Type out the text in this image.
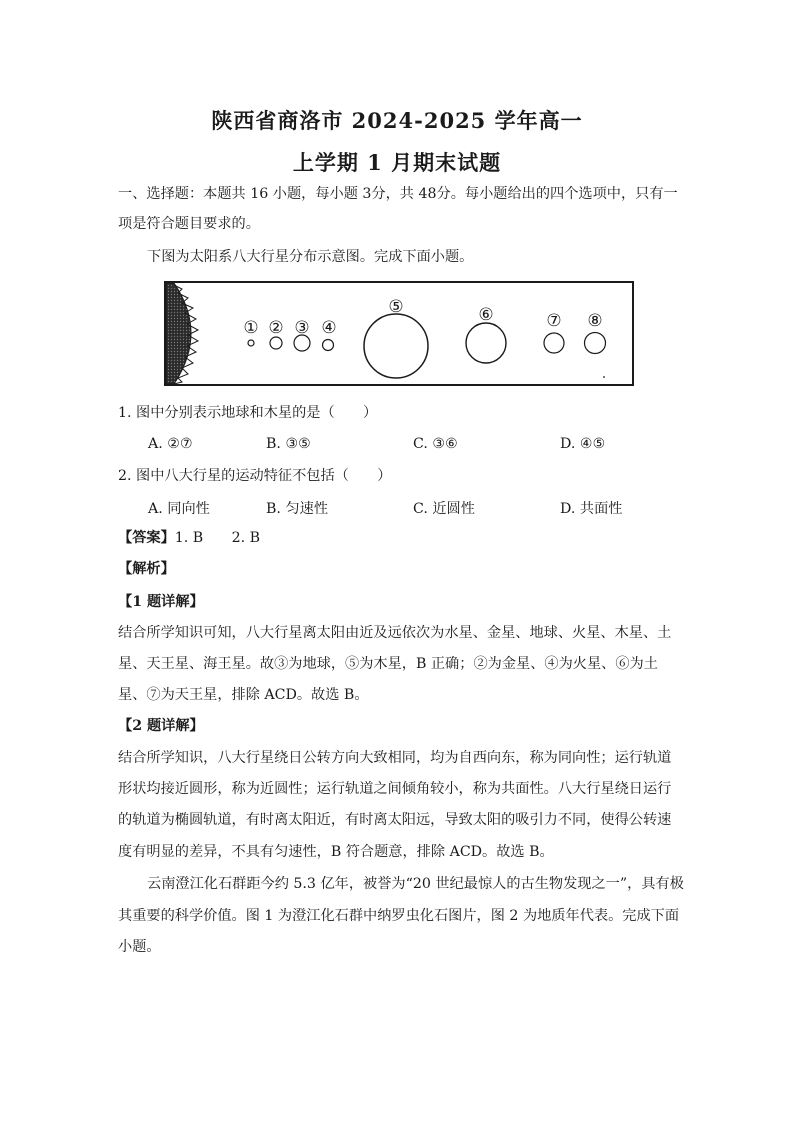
陕西省商洛市 2024-2025 学年高一
上学期 1 月期末试题
一、选择题：本题共 16 小题，每小题 3分，共 48分。每小题给出的四个选项中，只有一
项是符合题目要求的。
下图为太阳系八大行星分布示意图。完成下面小题。
① ② ③ ④
⑤	⑥	⑦ ⑧
1. 图中分别表示地球和木星的是（　　）
A. ②⑦	B. ③⑤	C. ③⑥	D. ④⑤
2. 图中八大行星的运动特征不包括（　　）
A. 同向性	B. 匀速性	C. 近圆性	D. 共面性
【答案】1. B　　2. B
【解析】
【1 题详解】
结合所学知识可知，八大行星离太阳由近及远依次为水星、金星、地球、火星、木星、土
星、天王星、海王星。故③为地球，⑤为木星，B 正确；②为金星、④为火星、⑥为土
星、⑦为天王星，排除 ACD。故选 B。
【2 题详解】
结合所学知识，八大行星绕日公转方向大致相同，均为自西向东，称为同向性；运行轨道
形状均接近圆形，称为近圆性；运行轨道之间倾角较小，称为共面性。八大行星绕日运行
的轨道为椭圆轨道，有时离太阳近，有时离太阳远，导致太阳的吸引力不同，使得公转速
度有明显的差异，不具有匀速性，B 符合题意，排除 ACD。故选 B。
云南澄江化石群距今约 5.3 亿年，被誉为“20 世纪最惊人的古生物发现之一”，具有极
其重要的科学价值。图 1 为澄江化石群中纳罗虫化石图片，图 2 为地质年代表。完成下面
小题。
